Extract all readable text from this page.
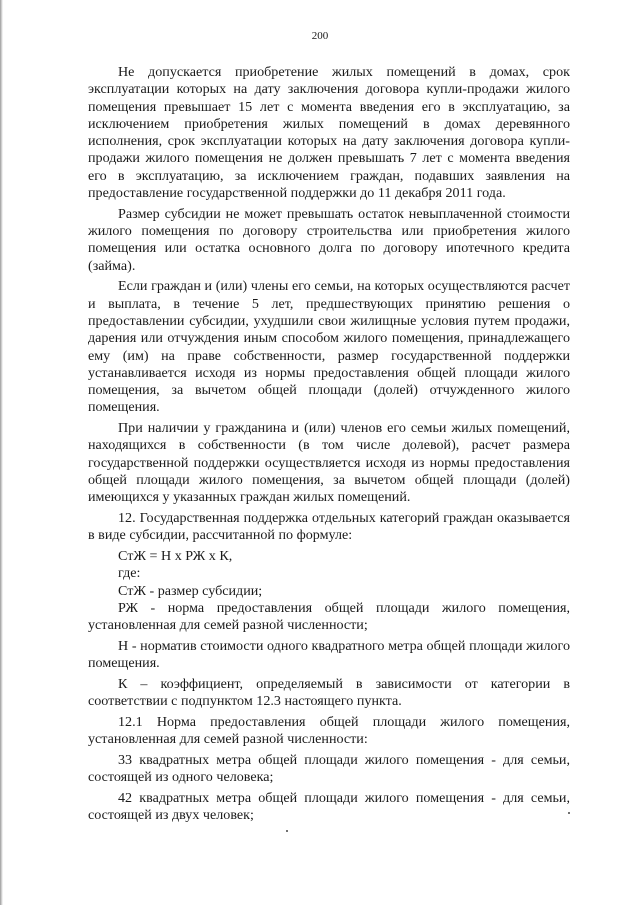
200

Не допускается приобретение жилых помещений в домах, срок эксплуатации которых на дату заключения договора купли-продажи жилого помещения превышает 15 лет с момента введения его в эксплуатацию, за исключением приобретения жилых помещений в домах деревянного исполнения, срок эксплуатации которых на дату заключения договора купли-продажи жилого помещения не должен превышать 7 лет с момента введения его в эксплуатацию, за исключением граждан, подавших заявления на предоставление государственной поддержки до 11 декабря 2011 года.

Размер субсидии не может превышать остаток невыплаченной стоимости жилого помещения по договору строительства или приобретения жилого помещения или остатка основного долга по договору ипотечного кредита (займа).

Если граждан и (или) члены его семьи, на которых осуществляются расчет и выплата, в течение 5 лет, предшествующих принятию решения о предоставлении субсидии, ухудшили свои жилищные условия путем продажи, дарения или отчуждения иным способом жилого помещения, принадлежащего ему (им) на праве собственности, размер государственной поддержки устанавливается исходя из нормы предоставления общей площади жилого помещения, за вычетом общей площади (долей) отчужденного жилого помещения.

При наличии у гражданина и (или) членов его семьи жилых помещений, находящихся в собственности (в том числе долевой), расчет размера государственной поддержки осуществляется исходя из нормы предоставления общей площади жилого помещения, за вычетом общей площади (долей) имеющихся у указанных граждан жилых помещений.

12. Государственная поддержка отдельных категорий граждан оказывается в виде субсидии, рассчитанной по формуле:

СтЖ = Н х РЖ х К,

где:

СтЖ - размер субсидии;

РЖ - норма предоставления общей площади жилого помещения, установленная для семей разной численности;

Н - норматив стоимости одного квадратного метра общей площади жилого помещения.

К – коэффициент, определяемый в зависимости от категории в соответствии с подпунктом 12.3 настоящего пункта.

12.1 Норма предоставления общей площади жилого помещения, установленная для семей разной численности:

33 квадратных метра общей площади жилого помещения - для семьи, состоящей из одного человека;

42 квадратных метра общей площади жилого помещения - для семьи, состоящей из двух человек;
